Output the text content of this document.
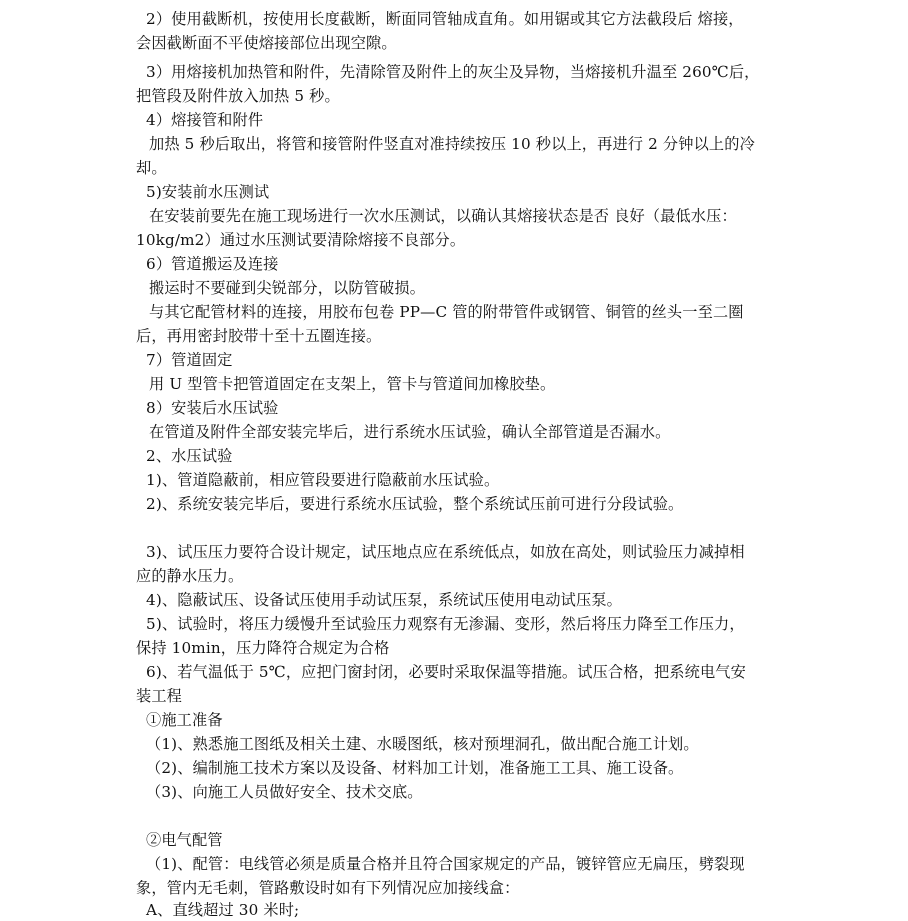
2）使用截断机，按使用长度截断，断面同管轴成直角。如用锯或其它方法截段后 熔接，
会因截断面不平使熔接部位出现空隙。
3）用熔接机加热管和附件，先清除管及附件上的灰尘及异物，当熔接机升温至 260℃后，
把管段及附件放入加热 5 秒。
4）熔接管和附件
加热 5 秒后取出，将管和接管附件竖直对准持续按压 10 秒以上，再进行 2 分钟以上的冷
却。
5)安装前水压测试
在安装前要先在施工现场进行一次水压测试，以确认其熔接状态是否 良好（最低水压：
10kg/m2）通过水压测试要清除熔接不良部分。
6）管道搬运及连接
搬运时不要碰到尖锐部分，以防管破损。
与其它配管材料的连接，用胶布包卷 PP—C 管的附带管件或钢管、铜管的丝头一至二圈
后，再用密封胶带十至十五圈连接。
7）管道固定
用 U 型管卡把管道固定在支架上，管卡与管道间加橡胶垫。
8）安装后水压试验
在管道及附件全部安装完毕后，进行系统水压试验，确认全部管道是否漏水。
2、水压试验
1)、管道隐蔽前，相应管段要进行隐蔽前水压试验。
2)、系统安装完毕后，要进行系统水压试验，整个系统试压前可进行分段试验。
3)、试压压力要符合设计规定，试压地点应在系统低点，如放在高处，则试验压力减掉相
应的静水压力。
4)、隐蔽试压、设备试压使用手动试压泵，系统试压使用电动试压泵。
5)、试验时，将压力缓慢升至试验压力观察有无渗漏、变形，然后将压力降至工作压力，
保持 10min，压力降符合规定为合格
6)、若气温低于 5℃，应把门窗封闭，必要时采取保温等措施。试压合格，把系统电气安
装工程
①施工准备
（1)、熟悉施工图纸及相关土建、水暖图纸，核对预埋洞孔，做出配合施工计划。
（2)、编制施工技术方案以及设备、材料加工计划，准备施工工具、施工设备。
（3)、向施工人员做好安全、技术交底。
②电气配管
（1)、配管：电线管必须是质量合格并且符合国家规定的产品，镀锌管应无扁压，劈裂现
象，管内无毛刺，管路敷设时如有下列情况应加接线盒：
A、直线超过 30 米时;
